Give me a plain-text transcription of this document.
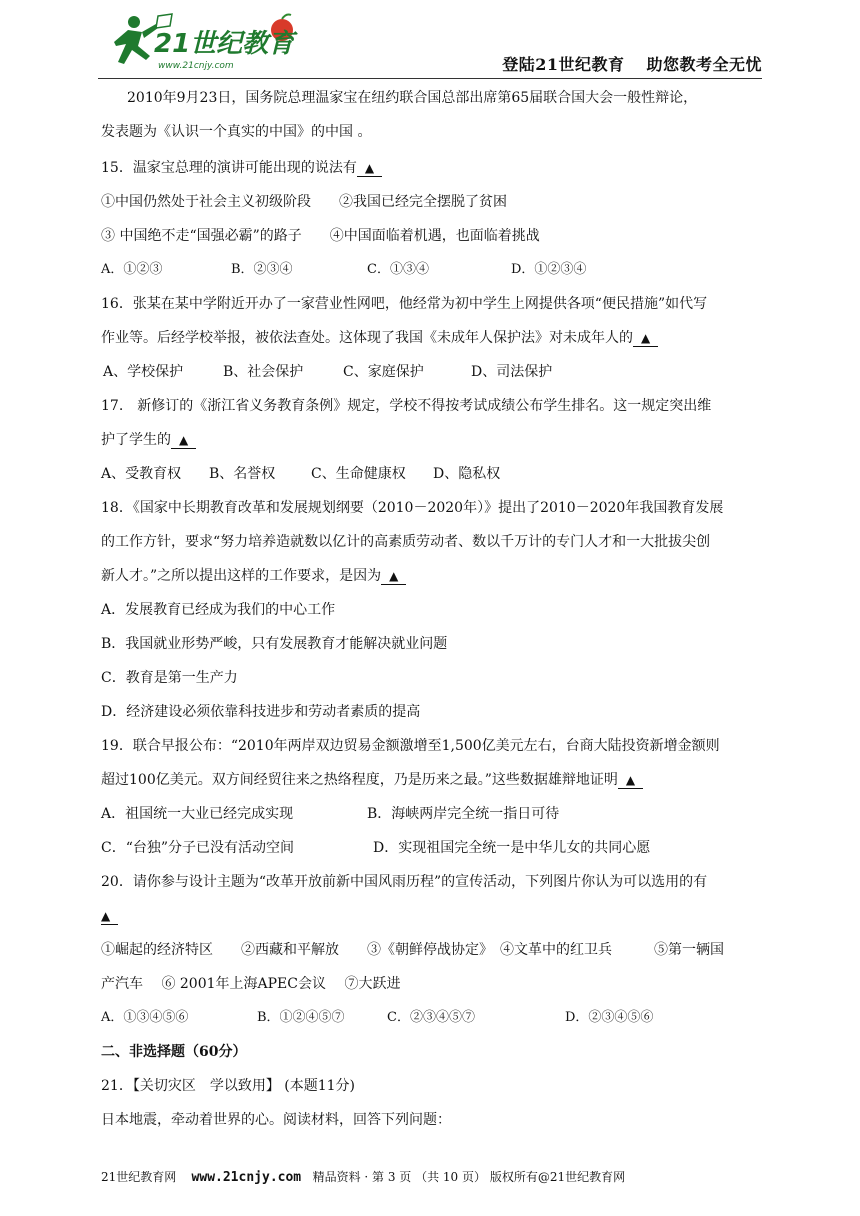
21世纪教育
www.21cnjy.com	登陆21世纪教育 助您教考全无忧
2010年9月23日，国务院总理温家宝在纽约联合国总部出席第65届联合国大会一般性辩论，
发表题为《认识一个真实的中国》的中国 。
15．温家宝总理的演讲可能出现的说法有 ▲
①中国仍然处于社会主义初级阶段　　②我国已经完全摆脱了贫困
③ 中国绝不走“国强必霸”的路子　　④中国面临着机遇，也面临着挑战
A．①②③	B．②③④	C．①③④	D．①②③④
16．张某在某中学附近开办了一家营业性网吧，他经常为初中学生上网提供各项“便民措施”如代写
作业等。后经学校举报，被依法查处。这体现了我国《未成年人保护法》对未成年人的 ▲
A、学校保护	B、社会保护	C、家庭保护	D、司法保护
17.　新修订的《浙江省义务教育条例》规定，学校不得按考试成绩公布学生排名。这一规定突出维
护了学生的 ▲
A、受教育权 B、名誉权	C、生命健康权 D、隐私权
18．《国家中长期教育改革和发展规划纲要（2010－2020年）》提出了2010－2020年我国教育发展
的工作方针，要求“努力培养造就数以亿计的高素质劳动者、数以千万计的专门人才和一大批拔尖创
新人才。”之所以提出这样的工作要求，是因为 ▲
A．发展教育已经成为我们的中心工作
B．我国就业形势严峻，只有发展教育才能解决就业问题
C．教育是第一生产力
D．经济建设必须依靠科技进步和劳动者素质的提高
19．联合早报公布：“2010年两岸双边贸易金额激增至1,500亿美元左右，台商大陆投资新增金额则
超过100亿美元。双方间经贸往来之热络程度，乃是历来之最。”这些数据雄辩地证明 ▲
A．祖国统一大业已经完成实现	B．海峡两岸完全统一指日可待
C．“台独”分子已没有活动空间	D．实现祖国完全统一是中华儿女的共同心愿
20．请你参与设计主题为“改革开放前新中国风雨历程”的宣传活动，下列图片你认为可以选用的有
▲
①崛起的经济特区　　②西藏和平解放　　③《朝鲜停战协定》　④文革中的红卫兵　　　⑤第一辆国
产汽车　 ⑥ 2001年上海APEC会议　 ⑦大跃进
A．①③④⑤⑥	B．①②④⑤⑦	C．②③④⑤⑦	D．②③④⑤⑥
二、非选择题（60分）
21．【关切灾区　学以致用】 (本题11分)
日本地震，牵动着世界的心。阅读材料，回答下列问题：
21世纪教育网 www.21cnjy.com 精品资料 · 第 3 页 （共 10 页） 版权所有@21世纪教育网
